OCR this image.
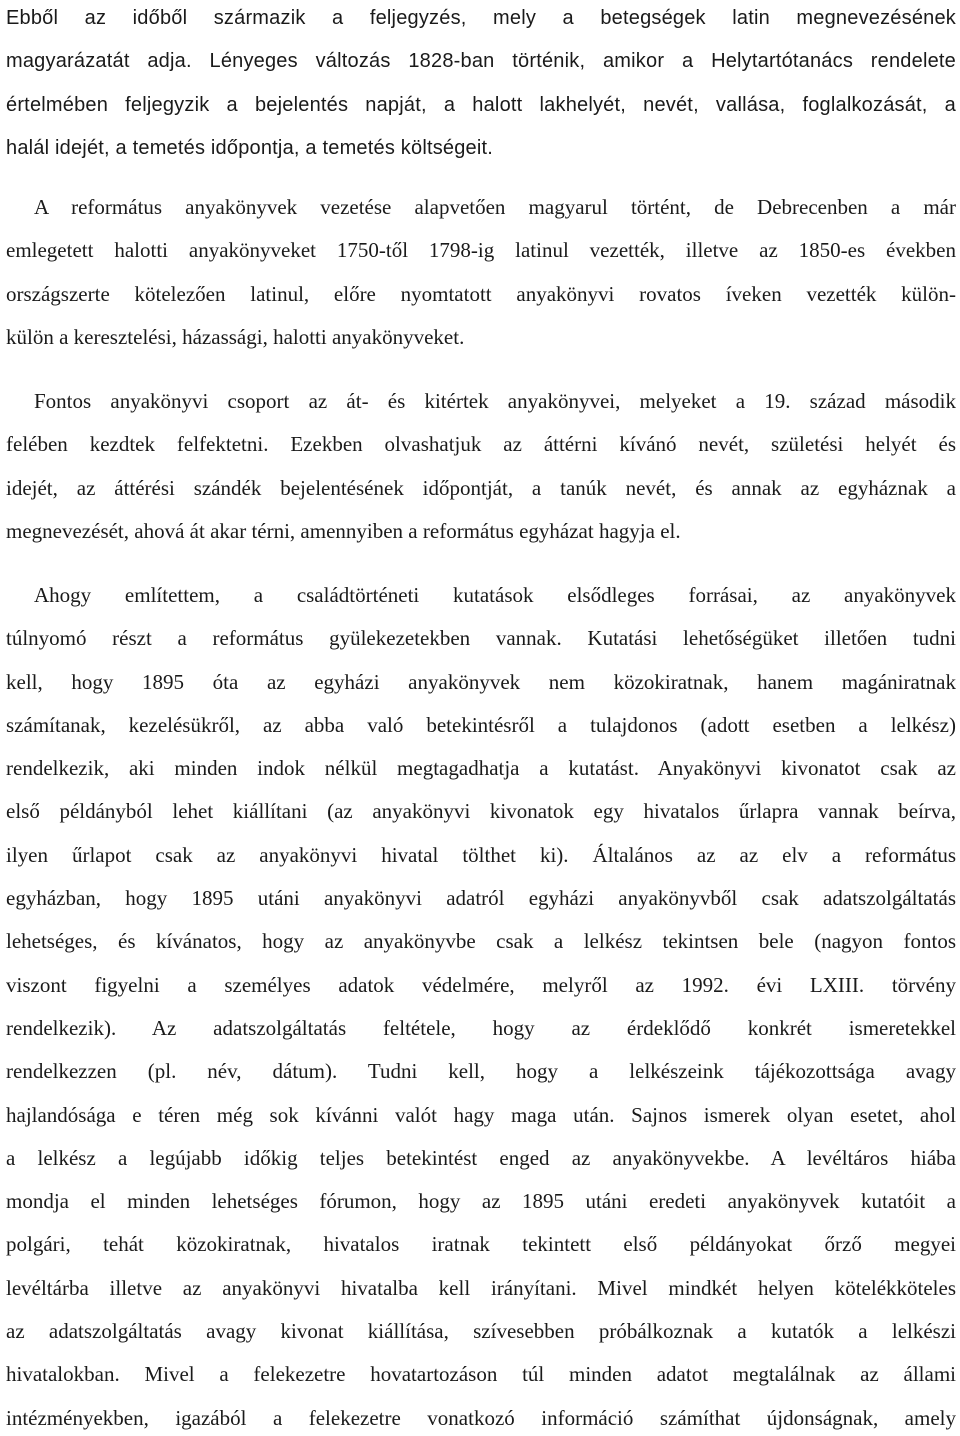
Ebből az időből származik a feljegyzés, mely a betegségek latin megnevezésének
magyarázatát adja. Lényeges változás 1828-ban történik, amikor a Helytartótanács rendelete
értelmében feljegyzik a bejelentés napját, a halott lakhelyét, nevét, vallása, foglalkozását, a
halál idejét, a temetés időpontja, a temetés költségeit.

A református anyakönyvek vezetése alapvetően magyarul történt, de Debrecenben a már
emlegetett halotti anyakönyveket 1750-től 1798-ig latinul vezették, illetve az 1850-es években
országszerte kötelezően latinul, előre nyomtatott anyakönyvi rovatos íveken vezették külön-
külön a keresztelési, házassági, halotti anyakönyveket.

Fontos anyakönyvi csoport az át- és kitértek anyakönyvei, melyeket a 19. század második
felében kezdtek felfektetni. Ezekben olvashatjuk az áttérni kívánó nevét, születési helyét és
idejét, az áttérési szándék bejelentésének időpontját, a tanúk nevét, és annak az egyháznak a
megnevezését, ahová át akar térni, amennyiben a református egyházat hagyja el.

Ahogy említettem, a családtörténeti kutatások elsődleges forrásai, az anyakönyvek
túlnyomó részt a református gyülekezetekben vannak. Kutatási lehetőségüket illetően tudni
kell, hogy 1895 óta az egyházi anyakönyvek nem közokiratnak, hanem magániratnak
számítanak, kezelésükről, az abba való betekintésről a tulajdonos (adott esetben a lelkész)
rendelkezik, aki minden indok nélkül megtagadhatja a kutatást. Anyakönyvi kivonatot csak az
első példányból lehet kiállítani (az anyakönyvi kivonatok egy hivatalos űrlapra vannak beírva,
ilyen űrlapot csak az anyakönyvi hivatal tölthet ki). Általános az az elv a református
egyházban, hogy 1895 utáni anyakönyvi adatról egyházi anyakönyvből csak adatszolgáltatás
lehetséges, és kívánatos, hogy az anyakönyvbe csak a lelkész tekintsen bele (nagyon fontos
viszont figyelni a személyes adatok védelmére, melyről az 1992. évi LXIII. törvény
rendelkezik). Az adatszolgáltatás feltétele, hogy az érdeklődő konkrét ismeretekkel
rendelkezzen (pl. név, dátum). Tudni kell, hogy a lelkészeink tájékozottsága avagy
hajlandósága e téren még sok kívánni valót hagy maga után. Sajnos ismerek olyan esetet, ahol
a lelkész a legújabb időkig teljes betekintést enged az anyakönyvekbe. A levéltáros hiába
mondja el minden lehetséges fórumon, hogy az 1895 utáni eredeti anyakönyvek kutatóit a
polgári, tehát közokiratnak, hivatalos iratnak tekintett első példányokat őrző megyei
levéltárba illetve az anyakönyvi hivatalba kell irányítani. Mivel mindkét helyen kötelékköteles
az adatszolgáltatás avagy kivonat kiállítása, szívesebben próbálkoznak a kutatók a lelkészi
hivatalokban. Mivel a felekezetre hovatartozáson túl minden adatot megtalálnak az állami
intézményekben, igazából a felekezetre vonatkozó információ számíthat újdonságnak, amely
